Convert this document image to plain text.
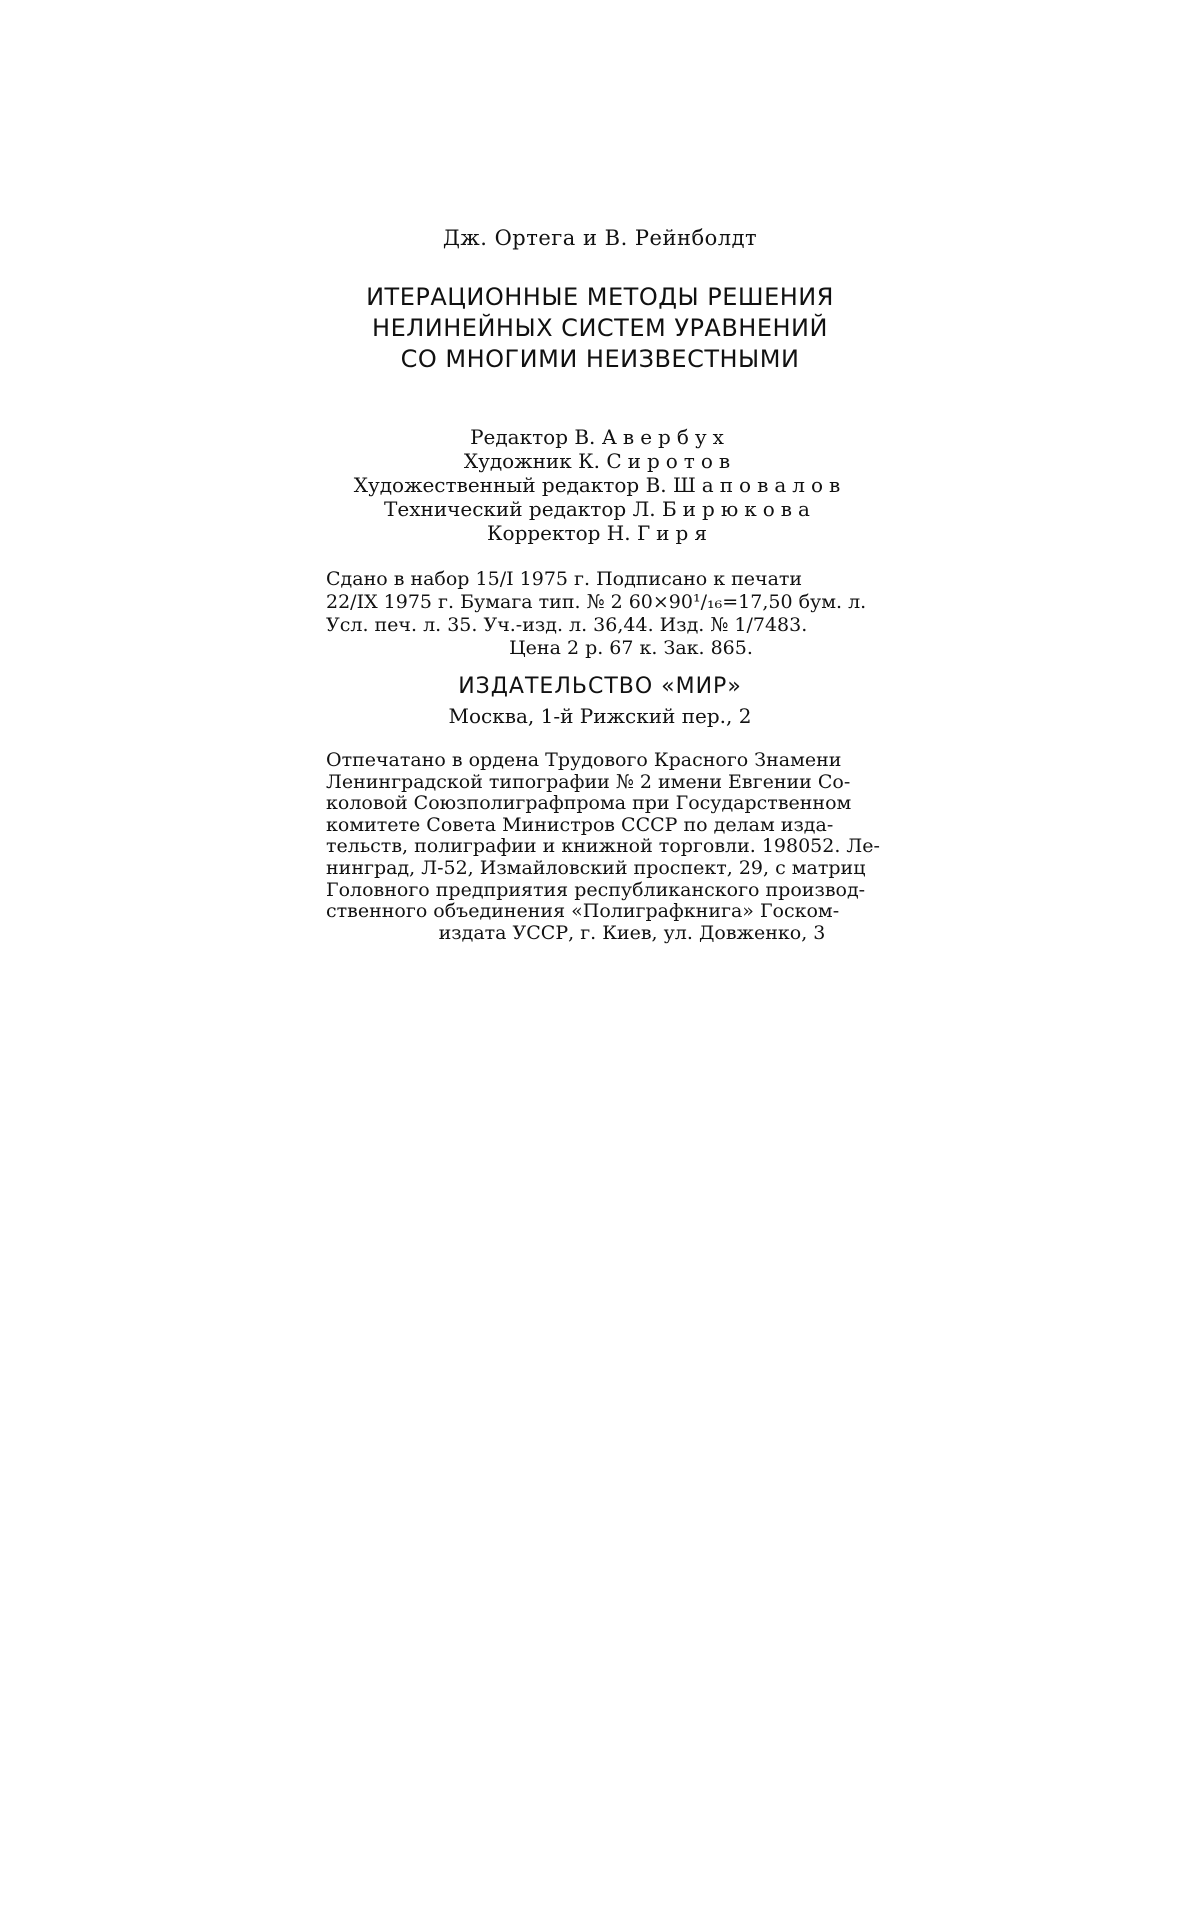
Дж. Ортега и В. Рейнболдт
ИТЕРАЦИОННЫЕ МЕТОДЫ РЕШЕНИЯ
НЕЛИНЕЙНЫХ СИСТЕМ УРАВНЕНИЙ
СО МНОГИМИ НЕИЗВЕСТНЫМИ
Редактор В. Авербух
Художник К. Сиротов
Художественный редактор В. Шаповалов
Технический редактор Л. Бирюкова
Корректор Н. Гиря
Сдано в набор 15/I 1975 г. Подписано к печати
22/IX 1975 г. Бумага тип. № 2 60×90¹/₁₆=17,50 бум. л.
Усл. печ. л. 35. Уч.-изд. л. 36,44. Изд. № 1/7483.
Цена 2 р. 67 к. Зак. 865.
ИЗДАТЕЛЬСТВО «МИР»
Москва, 1-й Рижский пер., 2
Отпечатано в ордена Трудового Красного Знамени
Ленинградской типографии № 2 имени Евгении Со-
коловой Союзполиграфпрома при Государственном
комитете Совета Министров СССР по делам изда-
тельств, полиграфии и книжной торговли. 198052. Ле-
нинград, Л-52, Измайловский проспект, 29, с матриц
Головного предприятия республиканского производ-
ственного объединения «Полиграфкнига» Госком-
издата УССР, г. Киев, ул. Довженко, 3
